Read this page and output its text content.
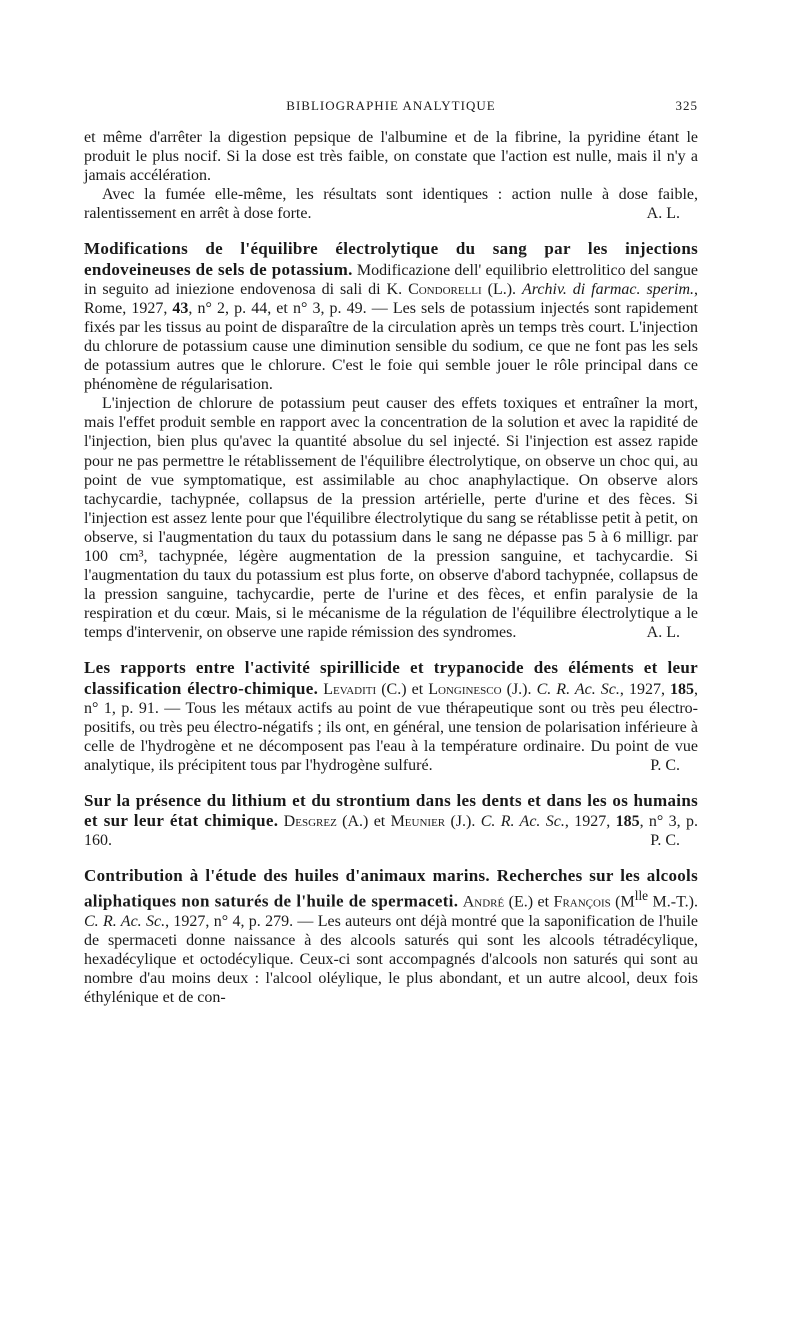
BIBLIOGRAPHIE ANALYTIQUE	325

et même d'arrêter la digestion pepsique de l'albumine et de la fibrine, la pyridine étant le produit le plus nocif. Si la dose est très faible, on constate que l'action est nulle, mais il n'y a jamais accélération.

Avec la fumée elle-même, les résultats sont identiques : action nulle à dose faible, ralentissement en arrêt à dose forte.	A. L.

Modifications de l'équilibre électrolytique du sang par les injections endoveineuses de sels de potassium. Modificazione dell' equilibrio elettrolitico del sangue in seguito ad iniezione endovenosa di sali di K. Condorelli (L.). Archiv. di farmac. sperim., Rome, 1927, 43, n° 2, p. 44, et n° 3, p. 49. — Les sels de potassium injectés sont rapidement fixés par les tissus au point de disparaître de la circulation après un temps très court. L'injection du chlorure de potassium cause une diminution sensible du sodium, ce que ne font pas les sels de potassium autres que le chlorure. C'est le foie qui semble jouer le rôle principal dans ce phénomène de régularisation.

L'injection de chlorure de potassium peut causer des effets toxiques et entraîner la mort, mais l'effet produit semble en rapport avec la concentration de la solution et avec la rapidité de l'injection, bien plus qu'avec la quantité absolue du sel injecté. Si l'injection est assez rapide pour ne pas permettre le rétablissement de l'équilibre électrolytique, on observe un choc qui, au point de vue symptomatique, est assimilable au choc anaphylactique. On observe alors tachycardie, tachypnée, collapsus de la pression artérielle, perte d'urine et des fèces. Si l'injection est assez lente pour que l'équilibre électrolytique du sang se rétablisse petit à petit, on observe, si l'augmentation du taux du potassium dans le sang ne dépasse pas 5 à 6 milligr. par 100 cm³, tachypnée, légère augmentation de la pression sanguine, et tachycardie. Si l'augmentation du taux du potassium est plus forte, on observe d'abord tachypnée, collapsus de la pression sanguine, tachycardie, perte de l'urine et des fèces, et enfin paralysie de la respiration et du cœur. Mais, si le mécanisme de la régulation de l'équilibre électrolytique a le temps d'intervenir, on observe une rapide rémission des syndromes.	A. L.

Les rapports entre l'activité spirillicide et trypanocide des éléments et leur classification électro-chimique. Levaditi (C.) et Longinesco (J.). C. R. Ac. Sc., 1927, 185, n° 1, p. 91. — Tous les métaux actifs au point de vue thérapeutique sont ou très peu électro-positifs, ou très peu électro-négatifs ; ils ont, en général, une tension de polarisation inférieure à celle de l'hydrogène et ne décomposent pas l'eau à la température ordinaire. Du point de vue analytique, ils précipitent tous par l'hydrogène sulfuré.	P. C.

Sur la présence du lithium et du strontium dans les dents et dans les os humains et sur leur état chimique. Desgrez (A.) et Meunier (J.). C. R. Ac. Sc., 1927, 185, n° 3, p. 160.	P. C.

Contribution à l'étude des huiles d'animaux marins. Recherches sur les alcools aliphatiques non saturés de l'huile de spermaceti. André (E.) et François ($M^{lle}$ M.-T.). C. R. Ac. Sc., 1927, n° 4, p. 279. — Les auteurs ont déjà montré que la saponification de l'huile de spermaceti donne naissance à des alcools saturés qui sont les alcools tétradécylique, hexadécylique et octodécylique. Ceux-ci sont accompagnés d'alcools non saturés qui sont au nombre d'au moins deux : l'alcool oléylique, le plus abondant, et un autre alcool, deux fois éthylénique et de con-
